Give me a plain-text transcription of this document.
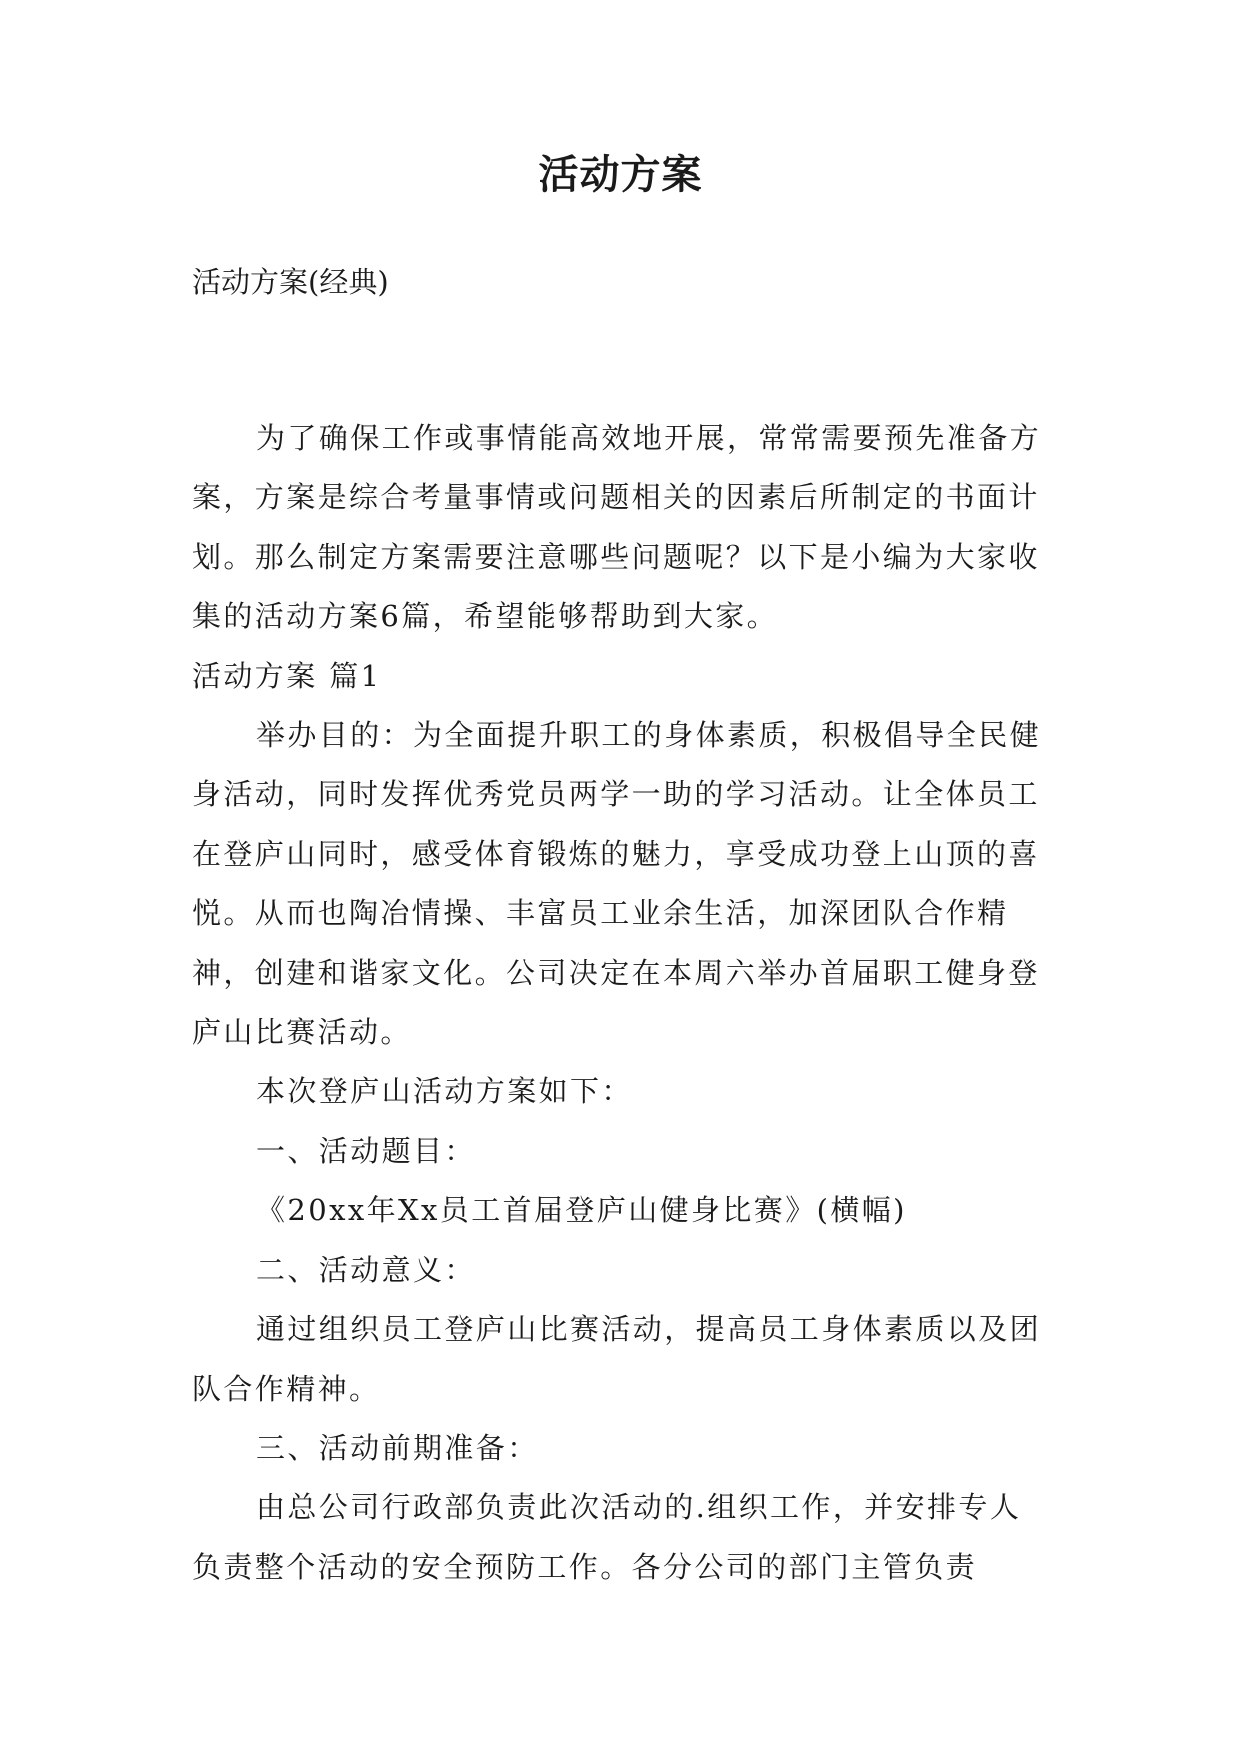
活动方案
活动方案(经典)

为了确保工作或事情能高效地开展，常常需要预先准备方案，方案是综合考量事情或问题相关的因素后所制定的书面计划。那么制定方案需要注意哪些问题呢？以下是小编为大家收集的活动方案6篇，希望能够帮助到大家。

活动方案 篇1

举办目的：为全面提升职工的身体素质，积极倡导全民健身活动，同时发挥优秀党员两学一助的学习活动。让全体员工在登庐山同时，感受体育锻炼的魅力，享受成功登上山顶的喜悦。从而也陶冶情操、丰富员工业余生活，加深团队合作精神，创建和谐家文化。公司决定在本周六举办首届职工健身登庐山比赛活动。

本次登庐山活动方案如下：

一、活动题目：

《20xx年Xx员工首届登庐山健身比赛》(横幅)

二、活动意义：

通过组织员工登庐山比赛活动，提高员工身体素质以及团队合作精神。

三、活动前期准备：

由总公司行政部负责此次活动的.组织工作，并安排专人负责整个活动的安全预防工作。各分公司的部门主管负责
